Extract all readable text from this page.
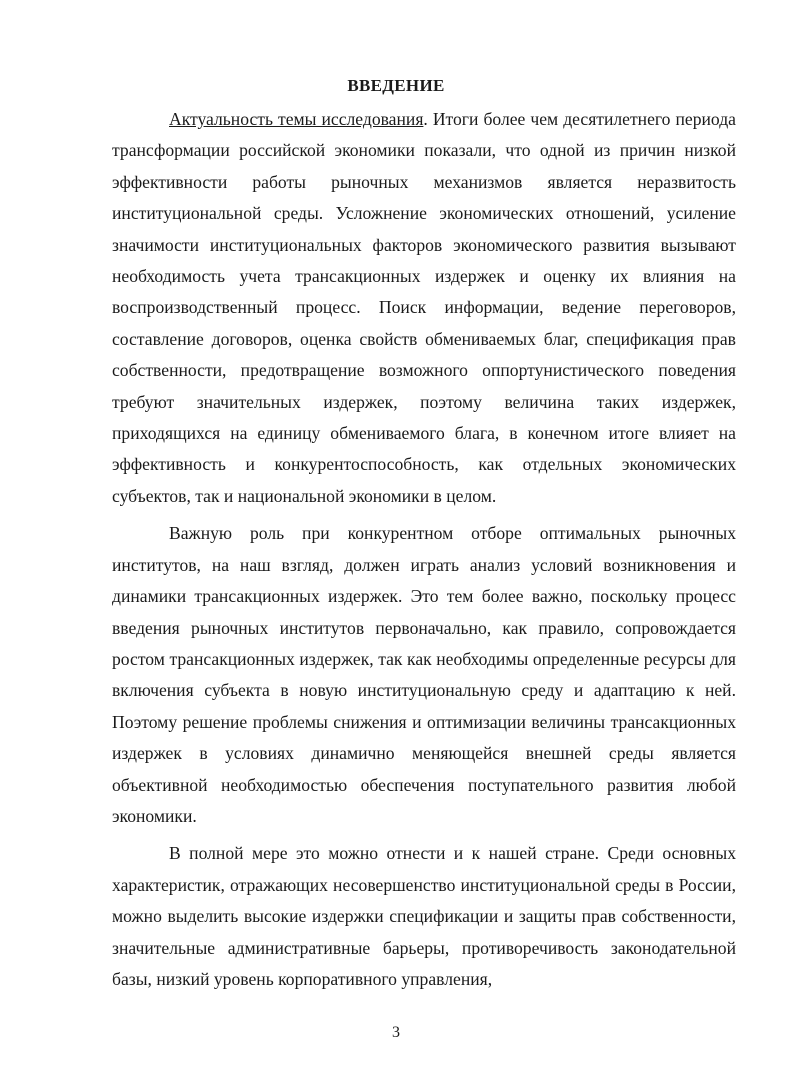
ВВЕДЕНИЕ

Актуальность темы исследования. Итоги более чем десятилетнего периода трансформации российской экономики показали, что одной из причин низкой эффективности работы рыночных механизмов является неразвитость институциональной среды. Усложнение экономических отношений, усиление значимости институциональных факторов экономического развития вызывают необходимость учета трансакционных издержек и оценку их влияния на воспроизводственный процесс. Поиск информации, ведение переговоров, составление договоров, оценка свойств обмениваемых благ, спецификация прав собственности, предотвращение возможного оппортунистического поведения требуют значительных издержек, поэтому величина таких издержек, приходящихся на единицу обмениваемого блага, в конечном итоге влияет на эффективность и конкурентоспособность, как отдельных экономических субъектов, так и национальной экономики в целом.

Важную роль при конкурентном отборе оптимальных рыночных институтов, на наш взгляд, должен играть анализ условий возникновения и динамики трансакционных издержек. Это тем более важно, поскольку процесс введения рыночных институтов первоначально, как правило, сопровождается ростом трансакционных издержек, так как необходимы определенные ресурсы для включения субъекта в новую институциональную среду и адаптацию к ней. Поэтому решение проблемы снижения и оптимизации величины трансакционных издержек в условиях динамично меняющейся внешней среды является объективной необходимостью обеспечения поступательного развития любой экономики.

В полной мере это можно отнести и к нашей стране. Среди основных характеристик, отражающих несовершенство институциональной среды в России, можно выделить высокие издержки спецификации и защиты прав собственности, значительные административные барьеры, противоречивость законодательной базы, низкий уровень корпоративного управления,

3
